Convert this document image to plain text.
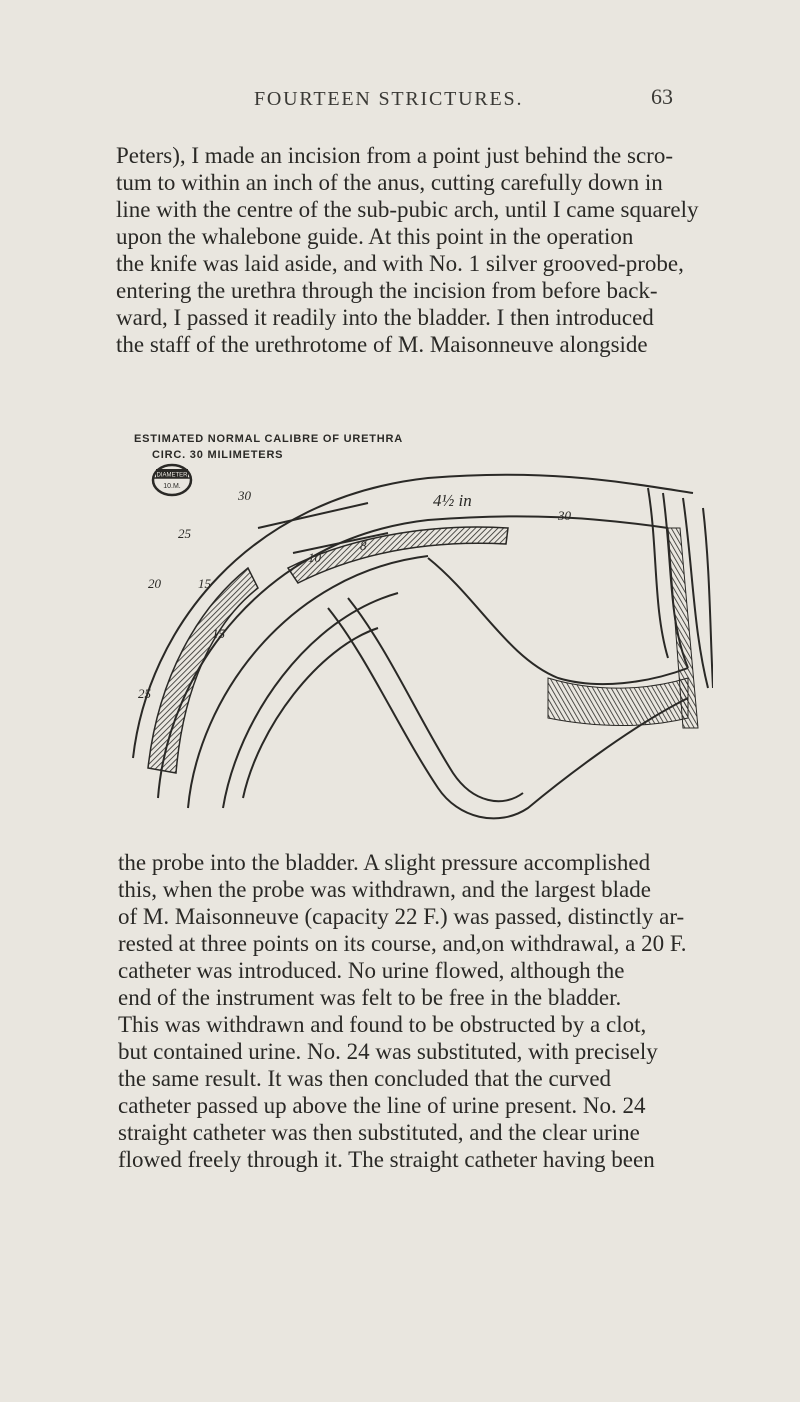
FOURTEEN STRICTURES.	63
Peters), I made an incision from a point just behind the scro-
tum to within an inch of the anus, cutting carefully down in
line with the centre of the sub-pubic arch, until I came squarely
upon the whalebone guide. At this point in the operation
the knife was laid aside, and with No. 1 silver grooved-probe,
entering the urethra through the incision from before back-
ward, I passed it readily into the bladder. I then introduced
the staff of the urethrotome of M. Maisonneuve alongside
ESTIMATED NORMAL CALIBRE OF URETHRA
CIRC. 30 MILIMETERS
DIAMETER
10.M.
4½ in
30
25
20	15
10
8
15
25
30
the probe into the bladder. A slight pressure accomplished
this, when the probe was withdrawn, and the largest blade
of M. Maisonneuve (capacity 22 F.) was passed, distinctly ar-
rested at three points on its course, and,on withdrawal, a 20 F.
catheter was introduced. No urine flowed, although the
end of the instrument was felt to be free in the bladder.
This was withdrawn and found to be obstructed by a clot,
but contained urine. No. 24 was substituted, with precisely
the same result. It was then concluded that the curved
catheter passed up above the line of urine present. No. 24
straight catheter was then substituted, and the clear urine
flowed freely through it. The straight catheter having been
